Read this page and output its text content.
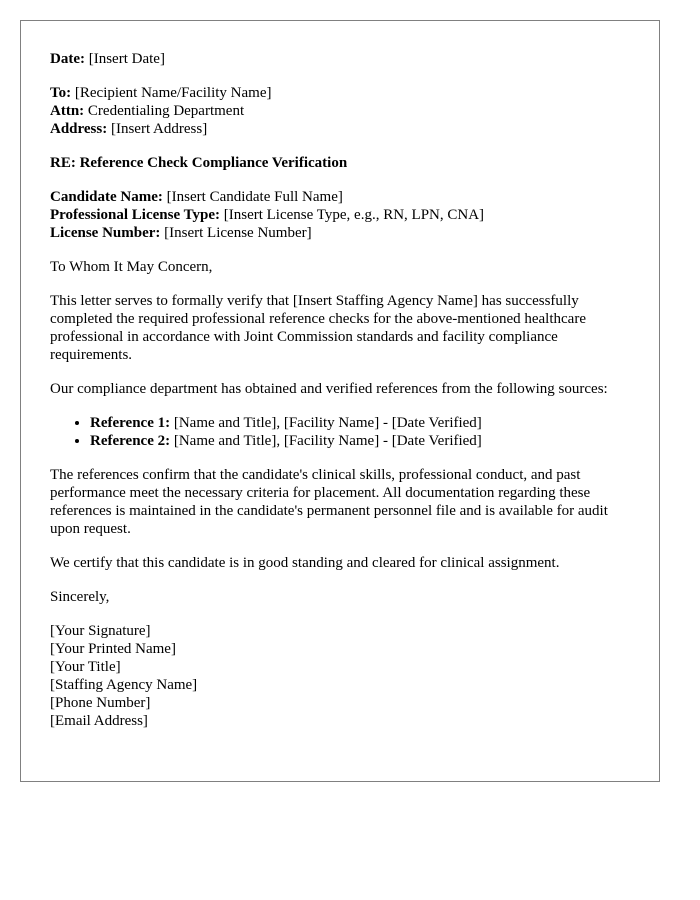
Date: [Insert Date]

To: [Recipient Name/Facility Name]
Attn: Credentialing Department
Address: [Insert Address]

RE: Reference Check Compliance Verification

Candidate Name: [Insert Candidate Full Name]
Professional License Type: [Insert License Type, e.g., RN, LPN, CNA]
License Number: [Insert License Number]

To Whom It May Concern,

This letter serves to formally verify that [Insert Staffing Agency Name] has successfully completed the required professional reference checks for the above-mentioned healthcare professional in accordance with Joint Commission standards and facility compliance requirements.

Our compliance department has obtained and verified references from the following sources:

• Reference 1: [Name and Title], [Facility Name] - [Date Verified]
• Reference 2: [Name and Title], [Facility Name] - [Date Verified]

The references confirm that the candidate's clinical skills, professional conduct, and past performance meet the necessary criteria for placement. All documentation regarding these references is maintained in the candidate's permanent personnel file and is available for audit upon request.

We certify that this candidate is in good standing and cleared for clinical assignment.

Sincerely,

[Your Signature]

[Your Printed Name]

[Your Title]

[Staffing Agency Name]

[Phone Number]

[Email Address]
